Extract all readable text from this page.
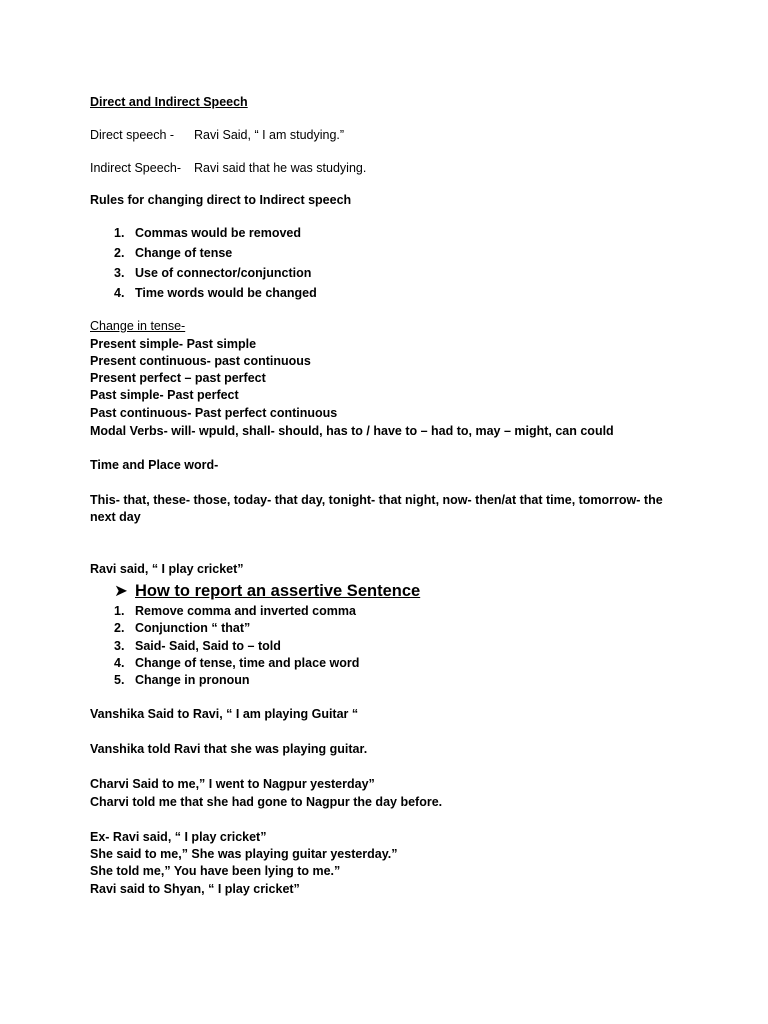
Direct and Indirect Speech
Direct speech - Ravi Said, “ I am studying.”
Indirect Speech- Ravi said that he was studying.
Rules for changing direct to Indirect speech
1. Commas would be removed
2. Change of tense
3. Use of connector/conjunction
4. Time words would be changed
Change in tense-
Present simple- Past simple
Present continuous- past continuous
Present perfect – past perfect
Past simple- Past perfect
Past continuous- Past perfect continuous
Modal Verbs- will- wpuld, shall- should, has to / have to – had to, may – might, can could
Time and Place word-
This- that, these- those, today- that day, tonight- that night, now- then/at that time, tomorrow- the next day
Ravi said, “ I play cricket”
➤ How to report an assertive Sentence
1. Remove comma and inverted comma
2. Conjunction “ that”
3. Said- Said, Said to – told
4. Change of tense, time and place word
5. Change in pronoun
Vanshika Said to Ravi, “ I am playing Guitar “
Vanshika told Ravi that she was playing guitar.
Charvi Said to me,” I went to Nagpur yesterday”
Charvi told me that she had gone to Nagpur the day before.
Ex- Ravi said, “ I play cricket”
She said to me,” She was playing guitar yesterday.”
She told me,” You have been lying to me.”
Ravi said to Shyan, “ I play cricket”
